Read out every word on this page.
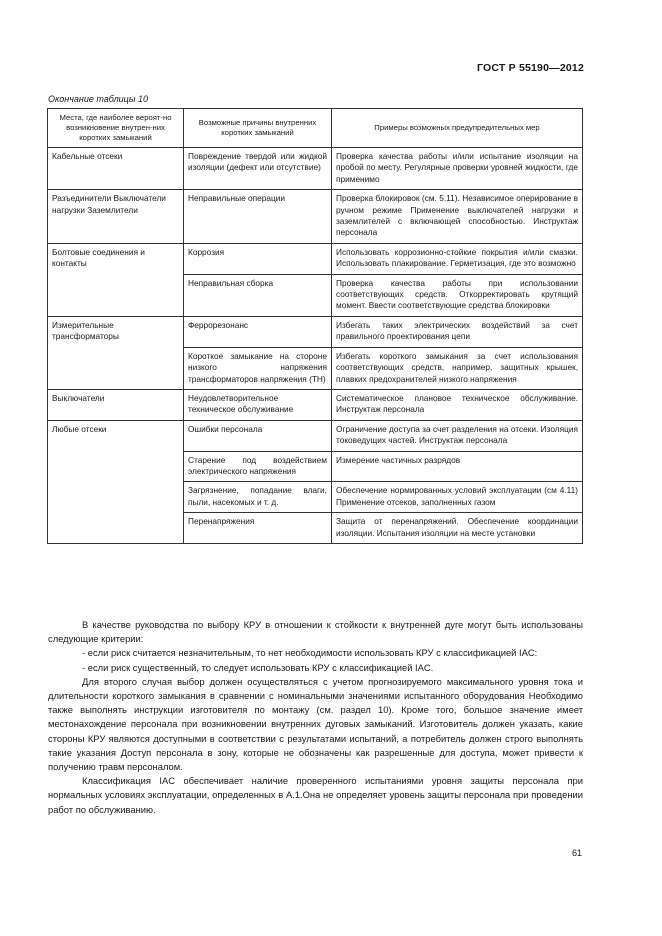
ГОСТ Р 55190—2012
Окончание таблицы 10
Места, где наиболее вероят-но возникновение внутрен-них коротких замыканий	Возможные причины внутренних коротких замыканий	Примеры возможных предупредительных мер
Кабельные отсеки	Повреждение твердой или жидкой изоляции (дефект или отсутствие)	Проверка качества работы и/или испытание изоляции на пробой по месту. Регулярные проверки уровней жидкости, где применимо
Разъединители Выключатели нагрузки Заземлители	Неправильные операции	Проверка блокировок (см. 5.11). Независимое оперирование в ручном режиме Применение выключателей нагрузки и заземлителей с включающей способностью. Инструктаж персонала
Болтовые соединения и контакты	Коррозия	Использовать коррозионно-стойкие покрытия и/или смазки. Использовать плакирование. Герметизация, где это возможно
	Неправильная сборка	Проверка качества работы при использовании соответствующих средств. Откорректировать крутящий момент. Ввести соответствующие средства блокировки
Измерительные трансформаторы	Феррорезонанс	Избегать таких электрических воздействий за счет правильного проектирования цепи
	Короткое замыкание на стороне низкого напряжения трансформаторов напряжения (ТН)	Избегать короткого замыкания за счет использования соответствующих средств, например, защитных крышек, плавких предохранителей низкого напряжения
Выключатели	Неудовлетворительное техническое обслуживание	Систематическое плановое техническое обслуживание. Инструктаж персонала
Любые отсеки	Ошибки персонала	Ограничение доступа за счет разделения на отсеки. Изоляция токоведущих частей. Инструктаж персонала
	Старение под воздействием электрического напряжения	Измерение частичных разрядов
	Загрязнение, попадание влаги, пыли, насекомых и т. д.	Обеспечение нормированных условий эксплуатации (см 4.11) Применение отсеков, заполненных газом
	Перенапряжения	Защита от перенапряжений. Обеспечение координации изоляции. Испытания изоляции на месте установки

В качестве руководства по выбору КРУ в отношении к стойкости к внутренней дуге могут быть использованы следующие критерии:

- если риск считается незначительным, то нет необходимости использовать КРУ с классификацией IAC:

- если риск существенный, то следует использовать КРУ с классификацией IAC.

Для второго случая выбор должен осуществляться с учетом прогнозируемого максимального уровня тока и длительности короткого замыкания в сравнении с номинальными значениями испытанного оборудования Необходимо также выполнять инструкции изготовителя по монтажу (см. раздел 10). Кроме того, большое значение имеет местонахождение персонала при возникновении внутренних дуговых замыканий. Изготовитель должен указать, какие стороны КРУ являются доступными в соответствии с результатами испытаний, а потребитель должен строго выполнять такие указания Доступ персонала в зону, которые не обозначены как разрешенные для доступа, может привести к получению травм персоналом.

Классификация IAC обеспечивает наличие проверенного испытаниями уровня защиты персонала при нормальных условиях эксплуатации, определенных в А.1.Она не определяет уровень защиты персонала при проведении работ по обслуживанию.

61
